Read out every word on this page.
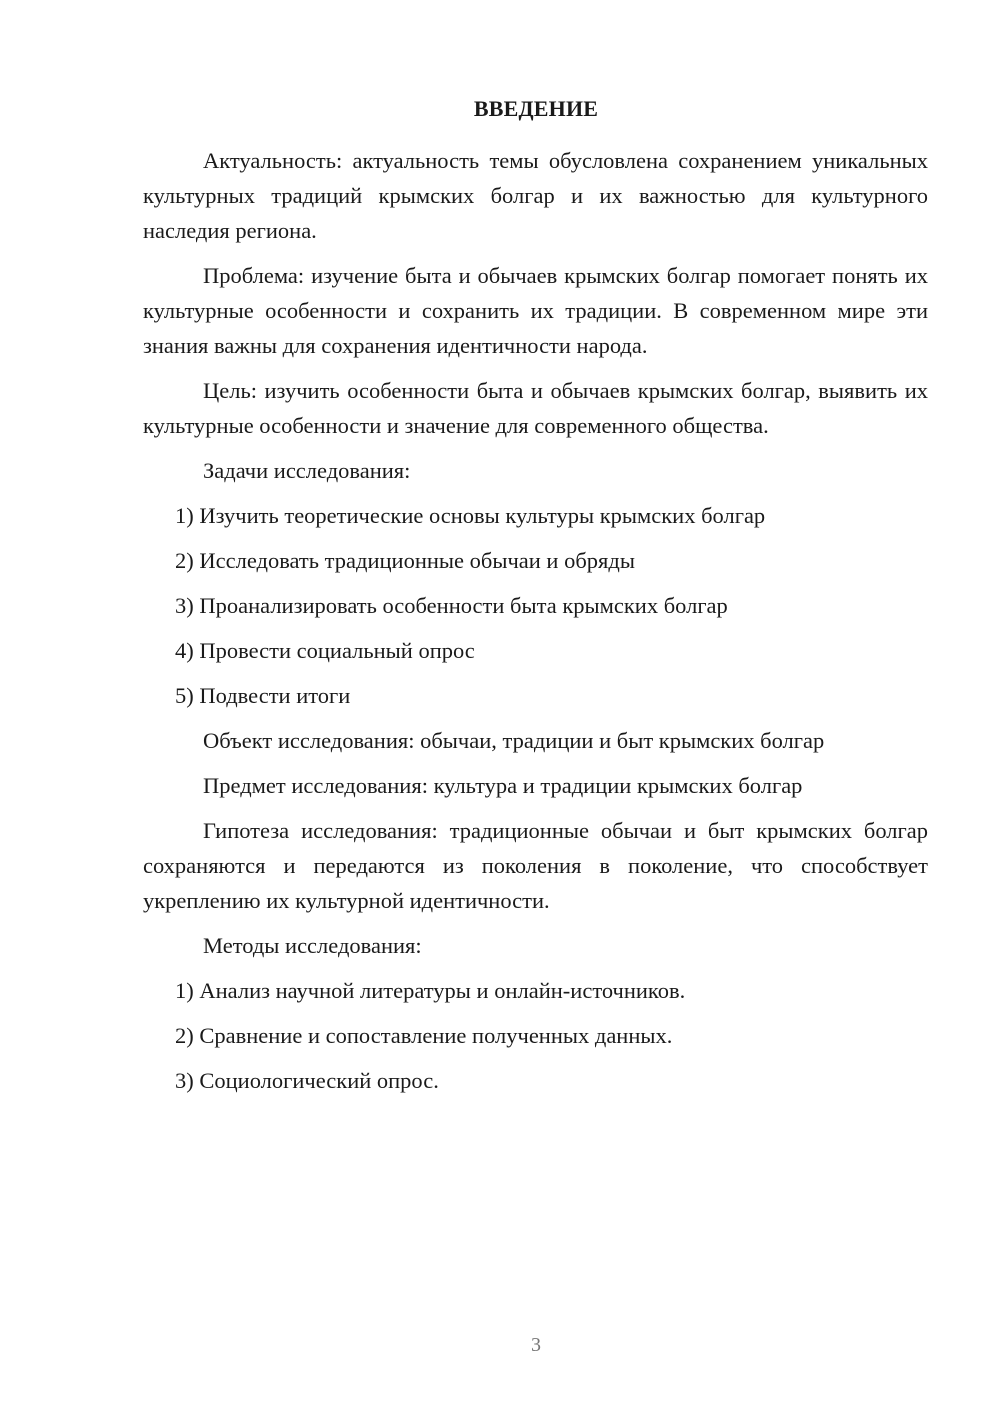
ВВЕДЕНИЕ

Актуальность: актуальность темы обусловлена сохранением уникальных культурных традиций крымских болгар и их важностью для культурного наследия региона.

Проблема: изучение быта и обычаев крымских болгар помогает понять их культурные особенности и сохранить их традиции. В современном мире эти знания важны для сохранения идентичности народа.

Цель: изучить особенности быта и обычаев крымских болгар, выявить их культурные особенности и значение для современного общества.

Задачи исследования:

1) Изучить теоретические основы культуры крымских болгар
2) Исследовать традиционные обычаи и обряды
3) Проанализировать особенности быта крымских болгар
4) Провести социальный опрос
5) Подвести итоги

Объект исследования: обычаи, традиции и быт крымских болгар

Предмет исследования: культура и традиции крымских болгар

Гипотеза исследования: традиционные обычаи и быт крымских болгар сохраняются и передаются из поколения в поколение, что способствует укреплению их культурной идентичности.

Методы исследования:

1) Анализ научной литературы и онлайн-источников.
2) Сравнение и сопоставление полученных данных.
3) Социологический опрос.
3
